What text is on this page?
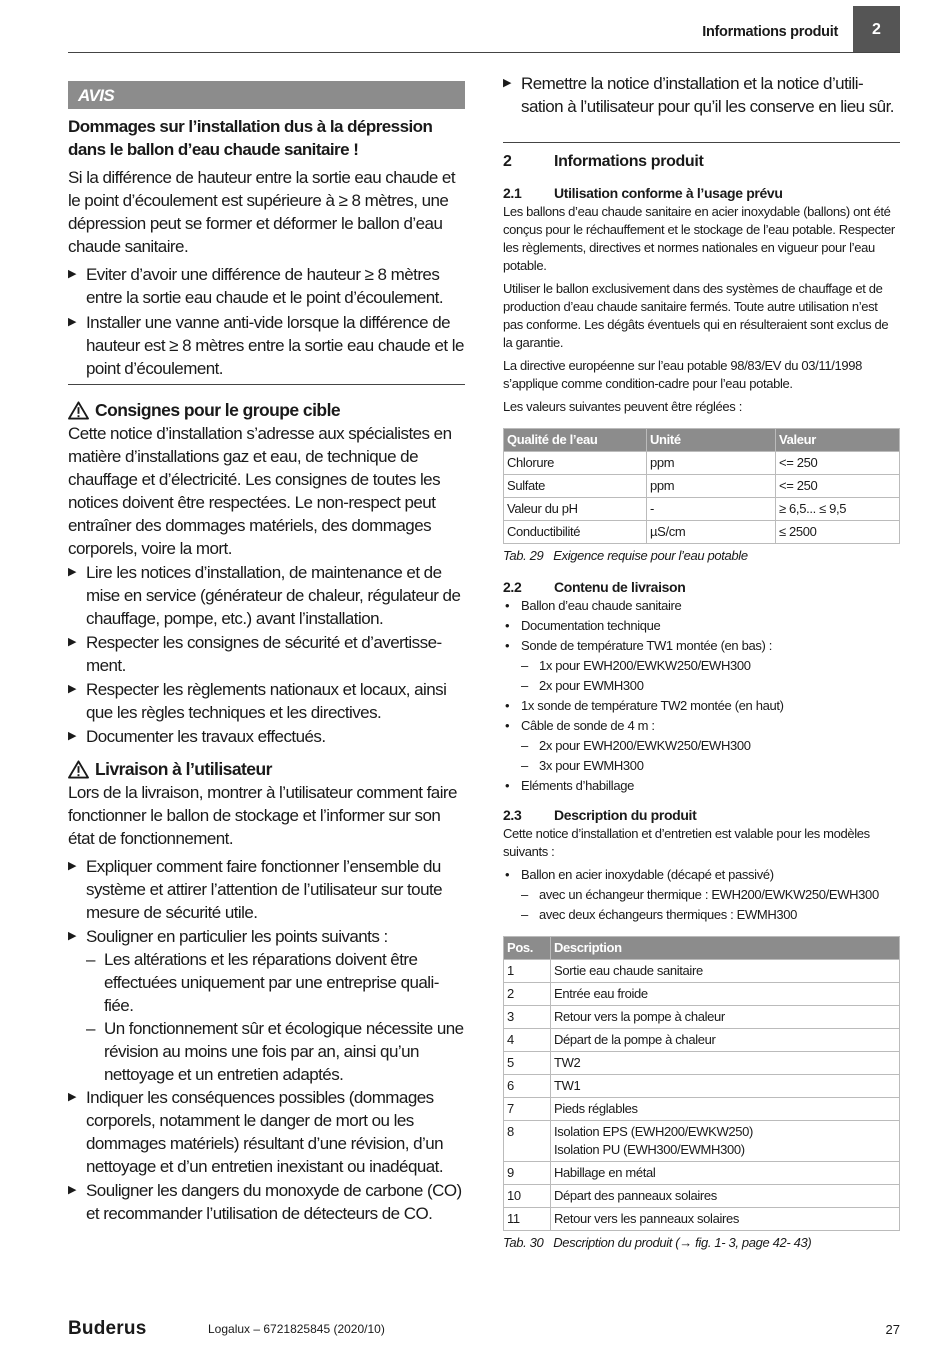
Informations produit	2
AVIS

Dommages sur l’installation dus à la dépression dans le ballon d’eau chaude sanitaire !

Si la différence de hauteur entre la sortie eau chaude et le point d’écoulement est supérieure à ≥ 8 mètres, une dépression peut se former et déformer le ballon d’eau chaude sanitaire.

▶ Eviter d’avoir une différence de hauteur ≥ 8 mètres entre la sortie eau chaude et le point d’écoulement.

▶ Installer une vanne anti-vide lorsque la différence de hauteur est ≥ 8 mètres entre la sortie eau chaude et le point d’écoulement.

Consignes pour le groupe cible

Cette notice d’installation s’adresse aux spécialistes en matière d’installations gaz et eau, de technique de chauffage et d’électricité. Les consignes de toutes les notices doivent être respectées. Le non-respect peut entraîner des dommages matériels, des dommages corporels, voire la mort.

▶ Lire les notices d’installation, de maintenance et de mise en service (générateur de chaleur, régulateur de chauffage, pompe, etc.) avant l’installation.

▶ Respecter les consignes de sécurité et d’avertisse-ment.

▶ Respecter les règlements nationaux et locaux, ainsi que les règles techniques et les directives.

▶ Documenter les travaux effectués.

Livraison à l’utilisateur

Lors de la livraison, montrer à l’utilisateur comment faire fonctionner le ballon de stockage et l’informer sur son état de fonctionnement.

▶ Expliquer comment faire fonctionner l’ensemble du système et attirer l’attention de l’utilisateur sur toute mesure de sécurité utile.

▶ Souligner en particulier les points suivants :

– Les altérations et les réparations doivent être effectuées uniquement par une entreprise quali-fiée.

– Un fonctionnement sûr et écologique nécessite une révision au moins une fois par an, ainsi qu’un nettoyage et un entretien adaptés.

▶ Indiquer les conséquences possibles (dommages corporels, notamment le danger de mort ou les dommages matériels) résultant d’une révision, d’un nettoyage et d’un entretien inexistant ou inadéquat.

▶ Souligner les dangers du monoxyde de carbone (CO) et recommander l’utilisation de détecteurs de CO.

▶ Remettre la notice d’installation et la notice d’utili-sation à l’utilisateur pour qu’il les conserve en lieu sûr.

2	Informations produit
2.1	Utilisation conforme à l’usage prévu

Les ballons d’eau chaude sanitaire en acier inoxydable (ballons) ont été conçus pour le réchauffement et le stockage de l’eau potable. Respecter les règlements, directives et normes nationales en vigueur pour l’eau potable.

Utiliser le ballon exclusivement dans des systèmes de chauffage et de production d’eau chaude sanitaire fermés. Toute autre utilisation n’est pas conforme. Les dégâts éventuels qui en résulteraient sont exclus de la garantie.

La directive européenne sur l’eau potable 98/83/EV du 03/11/1998 s’applique comme condition-cadre pour l’eau potable.

Les valeurs suivantes peuvent être réglées :

Qualité de l’eau	Unité	Valeur
Chlorure	ppm	<= 250
Sulfate	ppm	<= 250
Valeur du pH	-	≥ 6,5... ≤ 9,5
Conductibilité	µS/cm	≤ 2500

Tab. 29 Exigence requise pour l’eau potable

2.2	Contenu de livraison

• Ballon d’eau chaude sanitaire

• Documentation technique

• Sonde de température TW1 montée (en bas) :

– 1x pour EWH200/EWKW250/EWH300

– 2x pour EWMH300

• 1x sonde de température TW2 montée (en haut)

• Câble de sonde de 4 m :

– 2x pour EWH200/EWKW250/EWH300

– 3x pour EWMH300

• Eléments d’habillage

2.3	Description du produit

Cette notice d’installation et d’entretien est valable pour les modèles suivants :

• Ballon en acier inoxydable (décapé et passivé)

– avec un échangeur thermique : EWH200/EWKW250/EWH300

– avec deux échangeurs thermiques : EWMH300

Pos.	Description
1	Sortie eau chaude sanitaire
2	Entrée eau froide
3	Retour vers la pompe à chaleur
4	Départ de la pompe à chaleur
5	TW2
6	TW1
7	Pieds réglables
8	Isolation EPS (EWH200/EWKW250)
Isolation PU (EWH300/EWMH300)
9	Habillage en métal
10	Départ des panneaux solaires
11	Retour vers les panneaux solaires

Tab. 30 Description du produit (→ fig. 1- 3, page 42- 43)

Buderus	Logalux – 6721825845 (2020/10)	27
